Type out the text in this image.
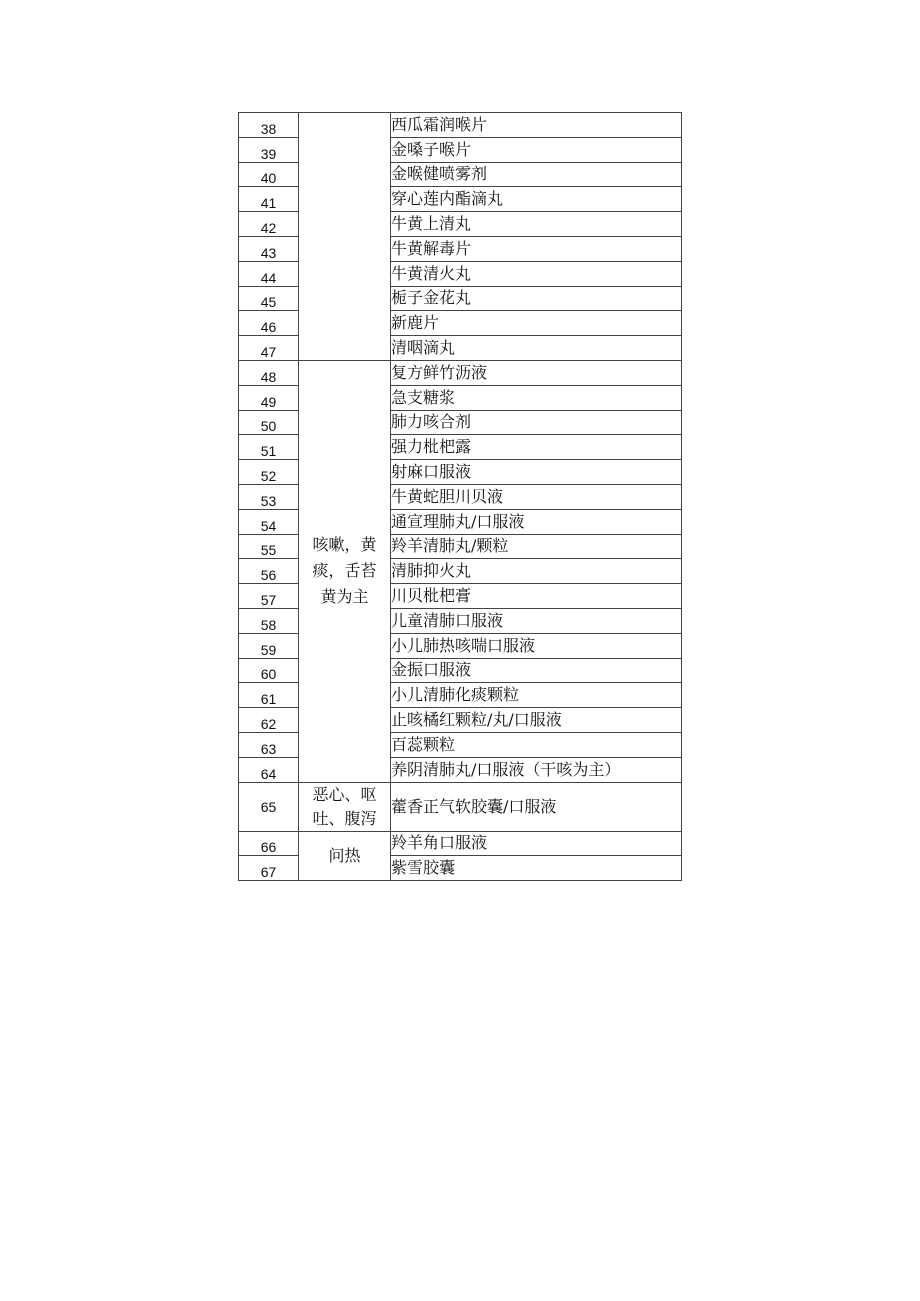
38		西瓜霜润喉片
39		金嗓子喉片
40		金喉健喷雾剂
41		穿心莲内酯滴丸
42		牛黄上清丸
43		牛黄解毒片
44		牛黄清火丸
45		栀子金花丸
46		新鹿片
47		清咽滴丸
48	咳嗽，黄
痰，舌苔
黄为主	复方鲜竹沥液
49		急支糖浆
50		肺力咳合剂
51		强力枇杷露
52		射麻口服液
53		牛黄蛇胆川贝液
54		通宣理肺丸/口服液
55		羚羊清肺丸/颗粒
56		清肺抑火丸
57		川贝枇杷膏
58		儿童清肺口服液
59		小儿肺热咳喘口服液
60		金振口服液
61		小儿清肺化痰颗粒
62		止咳橘红颗粒/丸/口服液
63		百蕊颗粒
64		养阴清肺丸/口服液（干咳为主）
65	恶心、呕
吐、腹泻	藿香正气软胶囊/口服液
66	问热	羚羊角口服液
67		紫雪胶囊
